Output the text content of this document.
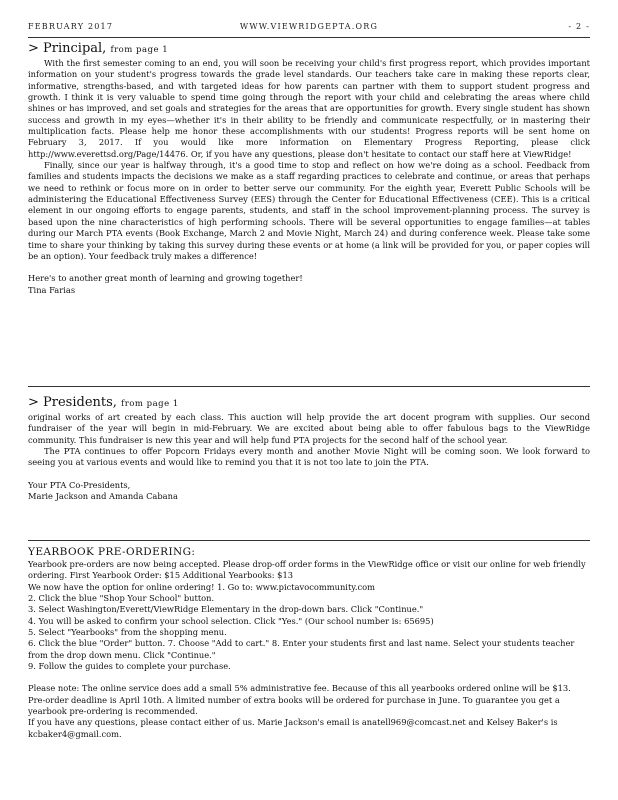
FEBRUARY 2017	WWW.VIEWRIDGEPTA.ORG	- 2 -
> Principal, from page 1

With the first semester coming to an end, you will soon be receiving your child's first progress report, which provides important information on your student's progress towards the grade level standards. Our teachers take care in making these reports clear, informative, strengths-based, and with targeted ideas for how parents can partner with them to support student progress and growth. I think it is very valuable to spend time going through the report with your child and celebrating the areas where child shines or has improved, and set goals and strategies for the areas that are opportunities for growth. Every single student has shown success and growth in my eyes—whether it's in their ability to be friendly and communicate respectfully, or in mastering their multiplication facts. Please help me honor these accomplishments with our students! Progress reports will be sent home on February 3, 2017. If you would like more information on Elementary Progress Reporting, please click http://www.everettsd.org/Page/14476. Or, if you have any questions, please don't hesitate to contact our staff here at ViewRidge!

Finally, since our year is halfway through, it's a good time to stop and reflect on how we're doing as a school. Feedback from families and students impacts the decisions we make as a staff regarding practices to celebrate and continue, or areas that perhaps we need to rethink or focus more on in order to better serve our community. For the eighth year, Everett Public Schools will be administering the Educational Effectiveness Survey (EES) through the Center for Educational Effectiveness (CEE). This is a critical element in our ongoing efforts to engage parents, students, and staff in the school improvement-planning process. The survey is based upon the nine characteristics of high performing schools. There will be several opportunities to engage families—at tables during our March PTA events (Book Exchange, March 2 and Movie Night, March 24) and during conference week. Please take some time to share your thinking by taking this survey during these events or at home (a link will be provided for you, or paper copies will be an option). Your feedback truly makes a difference!

Here's to another great month of learning and growing together!

Tina Farias

> Presidents, from page 1

original works of art created by each class. This auction will help provide the art docent program with supplies. Our second fundraiser of the year will begin in mid-February. We are excited about being able to offer fabulous bags to the ViewRidge community. This fundraiser is new this year and will help fund PTA projects for the second half of the school year.

The PTA continues to offer Popcorn Fridays every month and another Movie Night will be coming soon. We look forward to seeing you at various events and would like to remind you that it is not too late to join the PTA.

Your PTA Co-Presidents,

Marie Jackson and Amanda Cabana

YEARBOOK PRE-ORDERING:

Yearbook pre-orders are now being accepted. Please drop-off order forms in the ViewRidge office or visit our online for web friendly ordering. First Yearbook Order: $15 Additional Yearbooks: $13

We now have the option for online ordering! 1. Go to: www.pictavocommunity.com

2. Click the blue "Shop Your School" button.
3. Select Washington/Everett/ViewRidge Elementary in the drop-down bars. Click "Continue."
4. You will be asked to confirm your school selection. Click "Yes." (Our school number is: 65695)
5. Select "Yearbooks" from the shopping menu.
6. Click the blue "Order" button. 7. Choose "Add to cart." 8. Enter your students first and last name. Select your students teacher from the drop down menu. Click "Continue."
9. Follow the guides to complete your purchase.

Please note: The online service does add a small 5% administrative fee. Because of this all yearbooks ordered online will be $13. Pre-order deadline is April 10th. A limited number of extra books will be ordered for purchase in June. To guarantee you get a yearbook pre-ordering is recommended.

If you have any questions, please contact either of us. Marie Jackson's email is anatell969@comcast.net and Kelsey Baker's is kcbaker4@gmail.com.
